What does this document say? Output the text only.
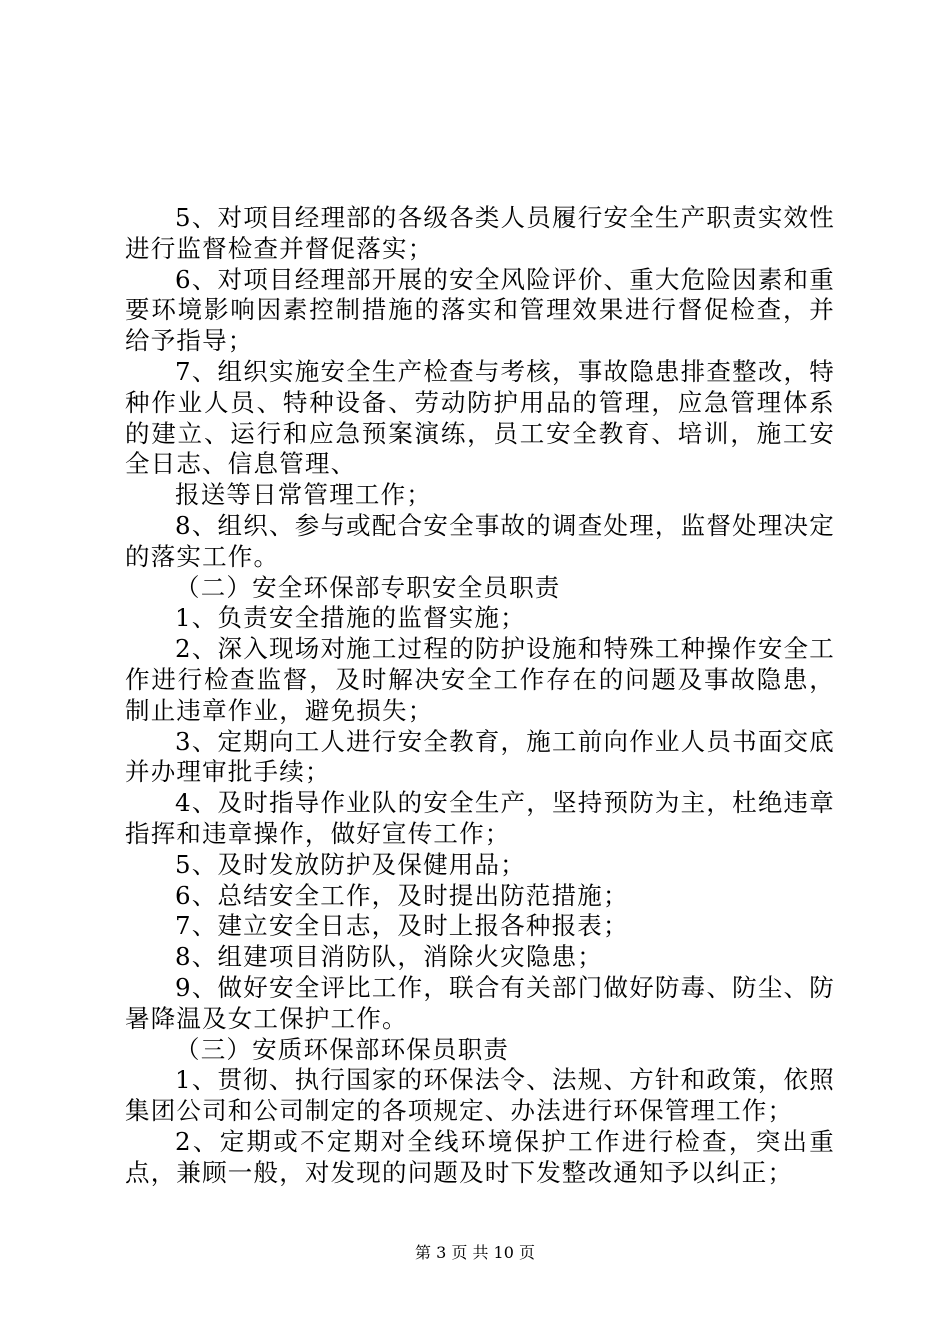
5、对项目经理部的各级各类人员履行安全生产职责实效性进行监督检查并督促落实；

6、对项目经理部开展的安全风险评价、重大危险因素和重要环境影响因素控制措施的落实和管理效果进行督促检查，并给予指导；

7、组织实施安全生产检查与考核，事故隐患排查整改，特种作业人员、特种设备、劳动防护用品的管理，应急管理体系的建立、运行和应急预案演练，员工安全教育、培训，施工安全日志、信息管理、

报送等日常管理工作；

8、组织、参与或配合安全事故的调查处理，监督处理决定的落实工作。

（二）安全环保部专职安全员职责

1、负责安全措施的监督实施；

2、深入现场对施工过程的防护设施和特殊工种操作安全工作进行检查监督，及时解决安全工作存在的问题及事故隐患，制止违章作业，避免损失；

3、定期向工人进行安全教育，施工前向作业人员书面交底并办理审批手续；

4、及时指导作业队的安全生产，坚持预防为主，杜绝违章指挥和违章操作，做好宣传工作；

5、及时发放防护及保健用品；

6、总结安全工作，及时提出防范措施；

7、建立安全日志，及时上报各种报表；

8、组建项目消防队，消除火灾隐患；

9、做好安全评比工作，联合有关部门做好防毒、防尘、防暑降温及女工保护工作。

（三）安质环保部环保员职责

1、贯彻、执行国家的环保法令、法规、方针和政策，依照集团公司和公司制定的各项规定、办法进行环保管理工作；

2、定期或不定期对全线环境保护工作进行检查，突出重点，兼顾一般，对发现的问题及时下发整改通知予以纠正；

第 3 页 共 10 页
